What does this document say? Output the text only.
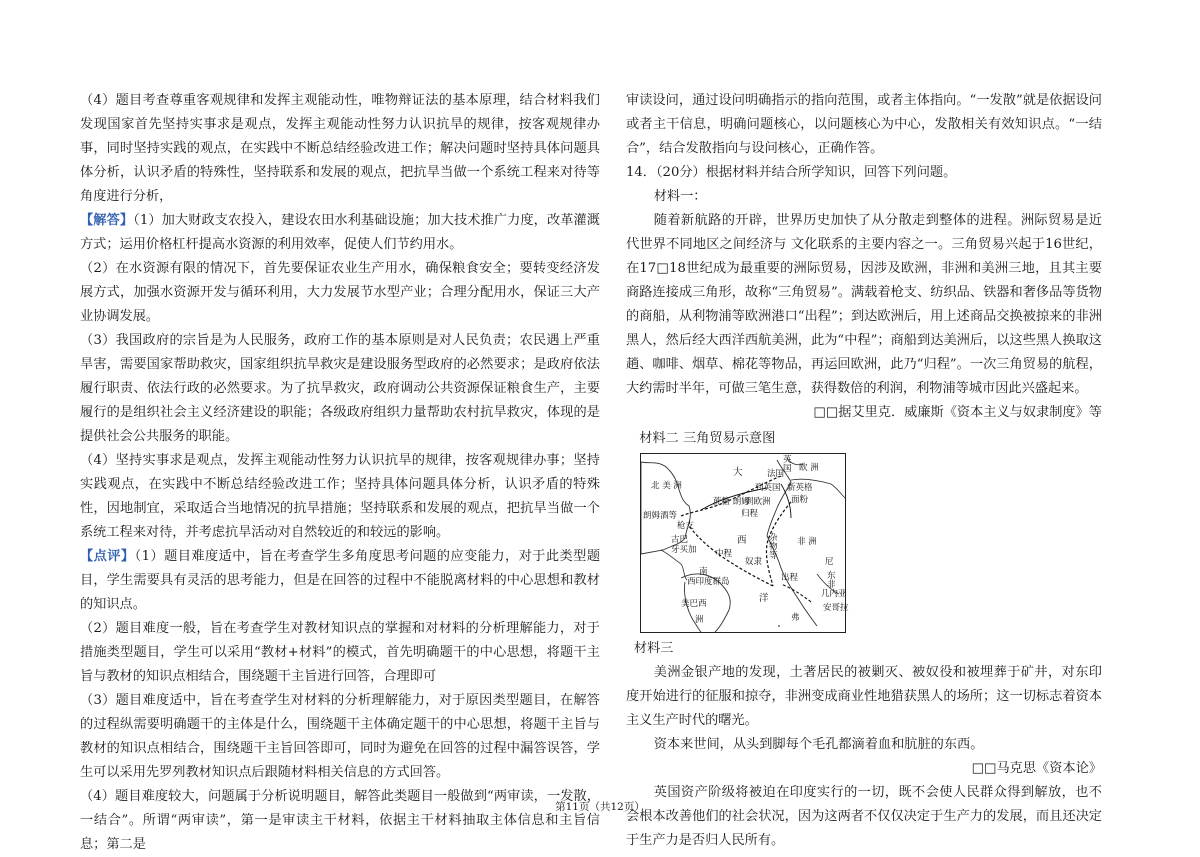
（4）题目考查尊重客观规律和发挥主观能动性，唯物辩证法的基本原理，结合材料我们发现国家首先坚持实事求是观点，发挥主观能动性努力认识抗旱的规律，按客观规律办事，同时坚持实践的观点，在实践中不断总结经验改进工作；解决问题时坚持具体问题具体分析，认识矛盾的特殊性，坚持联系和发展的观点，把抗旱当做一个系统工程来对待等角度进行分析，

【解答】（1）加大财政支农投入，建设农田水利基础设施；加大技术推广力度，改革灌溉方式；运用价格杠杆提高水资源的利用效率，促使人们节约用水。

（2）在水资源有限的情况下，首先要保证农业生产用水，确保粮食安全；要转变经济发展方式，加强水资源开发与循环利用，大力发展节水型产业；合理分配用水，保证三大产业协调发展。

（3）我国政府的宗旨是为人民服务，政府工作的基本原则是对人民负责；农民遇上严重旱害，需要国家帮助救灾，国家组织抗旱救灾是建设服务型政府的必然要求；是政府依法履行职责、依法行政的必然要求。为了抗旱救灾，政府调动公共资源保证粮食生产，主要履行的是组织社会主义经济建设的职能；各级政府组织力量帮助农村抗旱救灾，体现的是提供社会公共服务的职能。

（4）坚持实事求是观点，发挥主观能动性努力认识抗旱的规律，按客观规律办事；坚持实践观点，在实践中不断总结经验改进工作；坚持具体问题具体分析，认识矛盾的特殊性，因地制宜，采取适合当地情况的抗旱措施；坚持联系和发展的观点，把抗旱当做一个系统工程来对待，并考虑抗旱活动对自然较近的和较远的影响。

【点评】（1）题目难度适中，旨在考查学生多角度思考问题的应变能力，对于此类型题目，学生需要具有灵活的思考能力，但是在回答的过程中不能脱离材料的中心思想和教材的知识点。

（2）题目难度一般，旨在考查学生对教材知识点的掌握和对材料的分析理解能力，对于措施类型题目，学生可以采用“教材+材料”的模式，首先明确题干的中心思想，将题干主旨与教材的知识点相结合，围绕题干主旨进行回答，合理即可

（3）题目难度适中，旨在考查学生对材料的分析理解能力，对于原因类型题目，在解答的过程纵需要明确题干的主体是什么，围绕题干主体确定题干的中心思想，将题干主旨与教材的知识点相结合，围绕题干主旨回答即可，同时为避免在回答的过程中漏答误答，学生可以采用先罗列教材知识点后跟随材料相关信息的方式回答。

（4）题目难度较大，问题属于分析说明题目，解答此类题目一般做到“两审读，一发散，一结合”。所谓“两审读”，第一是审读主干材料，依据主干材料抽取主体信息和主旨信息；第二是

审读设问，通过设问明确指示的指向范围，或者主体指向。“一发散”就是依据设问或者主干信息，明确问题核心，以问题核心为中心，发散相关有效知识点。“一结合”，结合发散指向与设问核心，正确作答。

14．（20分）根据材料并结合所学知识，回答下列问题。

材料一：

随着新航路的开辟，世界历史加快了从分散走到整体的进程。洲际贸易是近代世界不同地区之间经济与 文化联系的主要内容之一。三角贸易兴起于16世纪，在17□18世纪成为最重要的洲际贸易，因涉及欧洲，非洲和美洲三地，且其主要商路连接成三角形，故称“三角贸易”。满载着枪支、纺织品、铁器和奢侈品等货物的商船，从利物浦等欧洲港口“出程”；到达欧洲后，用上述商品交换被掠来的非洲黑人，然后经大西洋西航美洲，此为“中程”；商船到达美洲后，以这些黑人换取这趟、咖啡、烟草、棉花等物品，再运回欧洲，此乃“归程”。一次三角贸易的航程，大约需时半年，可做三笔生意，获得数倍的利润，利物浦等城市因此兴盛起来。

□□据艾里克．威廉斯《资本主义与奴隶制度》等

材料二 三角贸易示意图

北 美 洲
大
英
国 欧 洲
法国
到英国 新英格
到欧洲 面粉
蔗糖 朗姆
归程
朗姆酒等
枪支
古巴
牙买加
西	杂
物
等
非 洲
中程
奴隶
南
尼
东
非
出程
西印度群岛
几内亚
洋
美巴西	安哥拉
洲	弗

材料三

美洲金银产地的发现，土著居民的被剿灭、被奴役和被埋葬于矿井，对东印度开始进行的征服和掠夺，非洲变成商业性地猎获黑人的场所；这一切标志着资本主义生产时代的曙光。

资本来世间，从头到脚每个毛孔都滴着血和肮脏的东西。

□□马克思《资本论》

英国资产阶级将被迫在印度实行的一切，既不会使人民群众得到解放，也不会根本改善他们的社会状况，因为这两者不仅仅决定于生产力的发展，而且还决定于生产力是否归人民所有。

第11页（共12页）
